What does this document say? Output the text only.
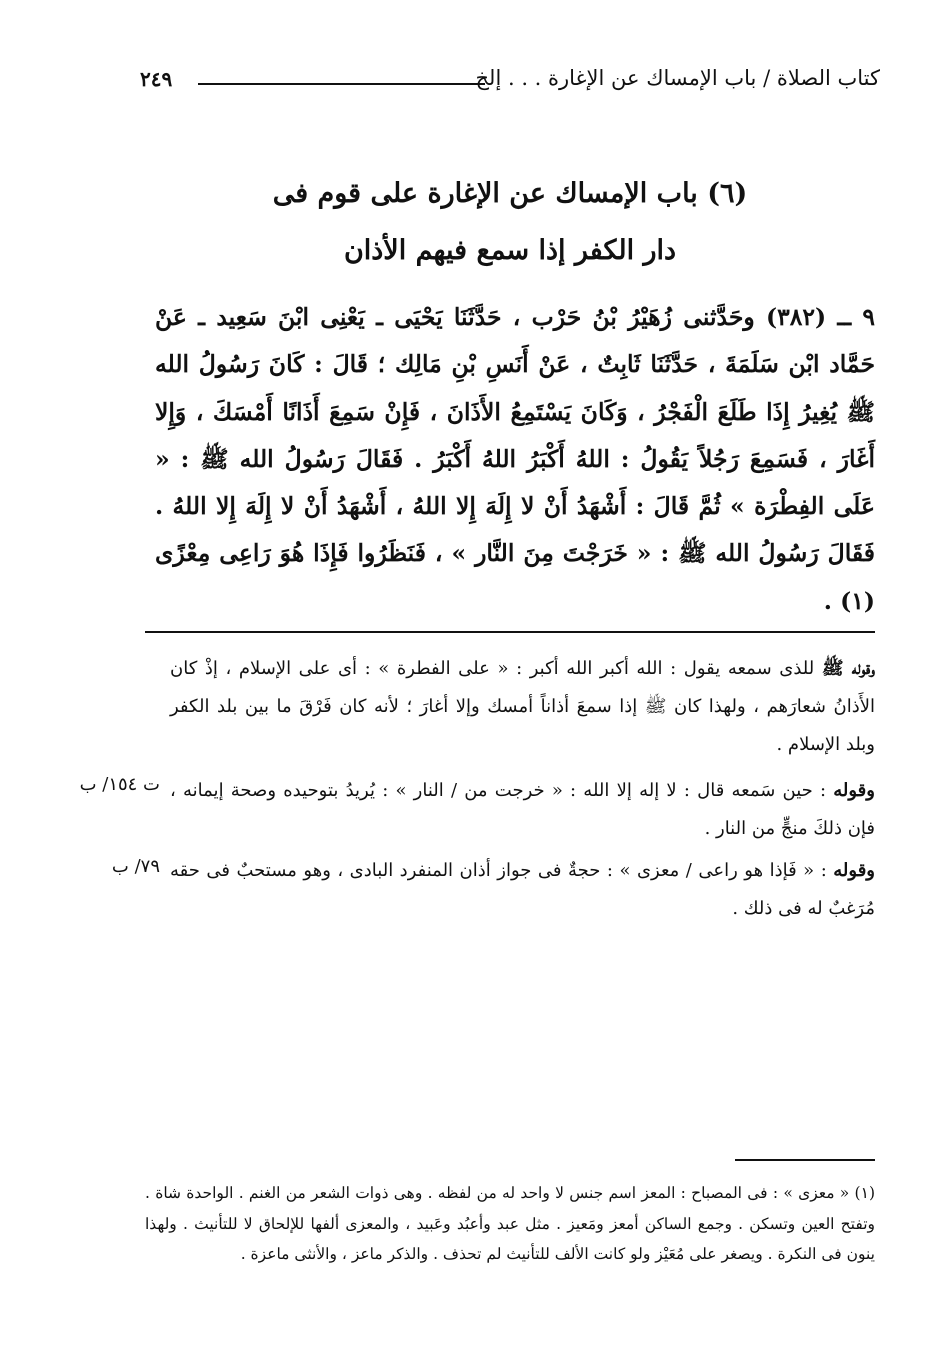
كتاب الصلاة / باب الإمساك عن الإغارة . . . إلخ
٢٤٩
(٦) باب الإمساك عن الإغارة على قوم فى
دار الكفر إذا سمع فيهم الأذان
٩ ــ (٣٨٢) وحَدَّثنى زُهَيْرُ بْنُ حَرْب ، حَدَّثَنَا يَحْيَى ـ يَعْنِى ابْنَ سَعِيد ـ عَنْ حَمَّاد ابْن سَلَمَةَ ، حَدَّثَنَا ثَابِتٌ ، عَنْ أَنَسِ بْنِ مَالِك ؛ قَالَ : كَانَ رَسُولُ الله ﷺ يُغِيرُ إِذَا طَلَعَ الْفَجْرُ ، وَكَانَ يَسْتَمِعُ الأَذَانَ ، فَإِنْ سَمِعَ أَذَانًا أَمْسَكَ ، وَإِلا أَغَارَ ، فَسَمِعَ رَجُلاً يَقُولُ : اللهُ أَكْبَرُ اللهُ أَكْبَرُ . فَقَالَ رَسُولُ الله ﷺ : « عَلَى الفِطْرَة » ثُمَّ قَالَ : أَشْهَدُ أَنْ لا إِلَهَ إِلا اللهُ ، أَشْهَدُ أَنْ لا إِلَهَ إِلا اللهُ . فَقَالَ رَسُولُ الله ﷺ : « خَرَجْتَ مِنَ النَّار » ، فَنَظَرُوا فَإِذَا هُوَ رَاعِى مِعْزًى (١) .
وقوله ﷺ للذى سمعه يقول : الله أكبر الله أكبر : « على الفطرة » : أى على الإسلام ، إذْ كان الأَذانُ شعارَهم ، ولهذا كان ﷺ إذا سمعَ أذاناً أمسك وإلا أغارَ ؛ لأنه كان فَرْقَ ما بين بلد الكفر وبلد الإسلام .
وقوله : حين سَمعه قال : لا إله إلا الله : « خرجت من / النار » : يُريدُ بتوحيده وصحة إيمانه ، فإن ذلكَ منجٍّ من النار .
ت ١٥٤/ ب
وقوله : « فَإذا هو راعى / معزى » : حجةٌ فى جواز أذان المنفرد البادى ، وهو مستحبٌ فى حقه مُرَغبٌ له فى ذلك .
٧٩/ ب
(١) « معزى » : فى المصباح : المعز اسم جنس لا واحد له من لفظه . وهى ذوات الشعر من الغنم . الواحدة شاة . وتفتح العين وتسكن . وجمع الساكن أمعز ومَعيز . مثل عبد وأعبُد وعَبيد ، والمعزى ألفها للإلحاق لا للتأنيث . ولهذا ينون فى النكرة . ويصغر على مُعَيْز ولو كانت الألف للتأنيث لم تحذف . والذكر ماعز ، والأنثى ماعزة .
